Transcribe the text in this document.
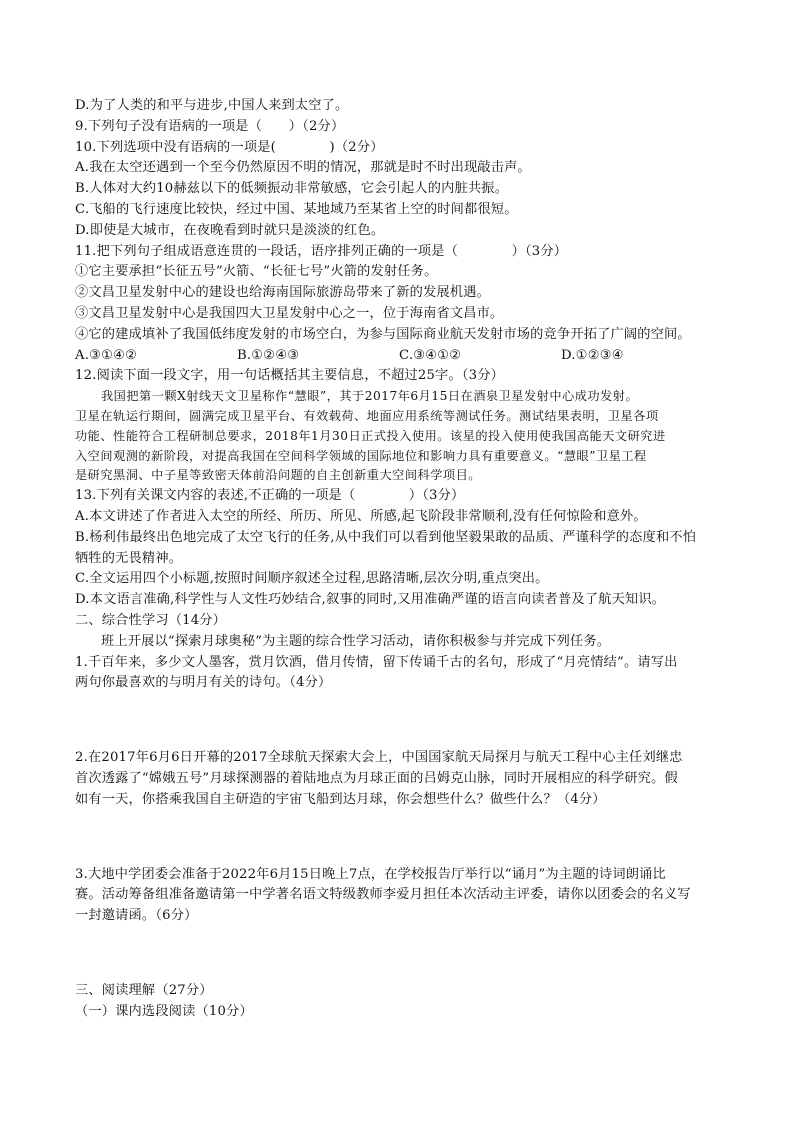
D.为了人类的和平与进步,中国人来到太空了。
9.下列句子没有语病的一项是（　　）（2分）
10.下列选项中没有语病的一项是(　　　　)（2分）
A.我在太空还遇到一个至今仍然原因不明的情况，那就是时不时出现敲击声。
B.人体对大约10赫兹以下的低频振动非常敏感，它会引起人的内脏共振。
C.飞船的飞行速度比较快，经过中国、某地域乃至某省上空的时间都很短。
D.即使是大城市，在夜晚看到时就只是淡淡的红色。
11.把下列句子组成语意连贯的一段话，语序排列正确的一项是（　　　　）（3分）
①它主要承担“长征五号”火箭、“长征七号”火箭的发射任务。
②文昌卫星发射中心的建设也给海南国际旅游岛带来了新的发展机遇。
③文昌卫星发射中心是我国四大卫星发射中心之一，位于海南省文昌市。
④它的建成填补了我国低纬度发射的市场空白，为参与国际商业航天发射市场的竞争开拓了广阔的空间。
A.③①④②	B.①②④③	C.③④①②	D.①②③④
12.阅读下面一段文字，用一句话概括其主要信息，不超过25字。（3分）
我国把第一颗X射线天文卫星称作“慧眼”，其于2017年6月15日在酒泉卫星发射中心成功发射。
卫星在轨运行期间，圆满完成卫星平台、有效载荷、地面应用系统等测试任务。测试结果表明，卫星各项
功能、性能符合工程研制总要求，2018年1月30日正式投入使用。该星的投入使用使我国高能天文研究进
入空间观测的新阶段，对提高我国在空间科学领域的国际地位和影响力具有重要意义。“慧眼”卫星工程
是研究黑洞、中子星等致密天体前沿问题的自主创新重大空间科学项目。
13.下列有关课文内容的表述,不正确的一项是（　　　　）（3分）
A.本文讲述了作者进入太空的所经、所历、所见、所感,起飞阶段非常顺利,没有任何惊险和意外。
B.杨利伟最终出色地完成了太空飞行的任务,从中我们可以看到他坚毅果敢的品质、严谨科学的态度和不怕
牺牲的无畏精神。
C.全文运用四个小标题,按照时间顺序叙述全过程,思路清晰,层次分明,重点突出。
D.本文语言准确,科学性与人文性巧妙结合,叙事的同时,又用准确严谨的语言向读者普及了航天知识。
二、综合性学习（14分）
班上开展以“探索月球奥秘”为主题的综合性学习活动，请你积极参与并完成下列任务。
1.千百年来，多少文人墨客，赏月饮酒，借月传情，留下传诵千古的名句，形成了“月亮情结”。请写出
两句你最喜欢的与明月有关的诗句。（4分）
2.在2017年6月6日开幕的2017全球航天探索大会上，中国国家航天局探月与航天工程中心主任刘继忠
首次透露了“嫦娥五号”月球探测器的着陆地点为月球正面的吕姆克山脉，同时开展相应的科学研究。假
如有一天，你搭乘我国自主研造的宇宙飞船到达月球，你会想些什么？做些什么？（4分）
3.大地中学团委会准备于2022年6月15日晚上7点，在学校报告厅举行以“诵月”为主题的诗词朗诵比
赛。活动筹备组准备邀请第一中学著名语文特级教师李爱月担任本次活动主评委，请你以团委会的名义写
一封邀请函。（6分）
三、阅读理解（27分）
（一）课内选段阅读（10分）
